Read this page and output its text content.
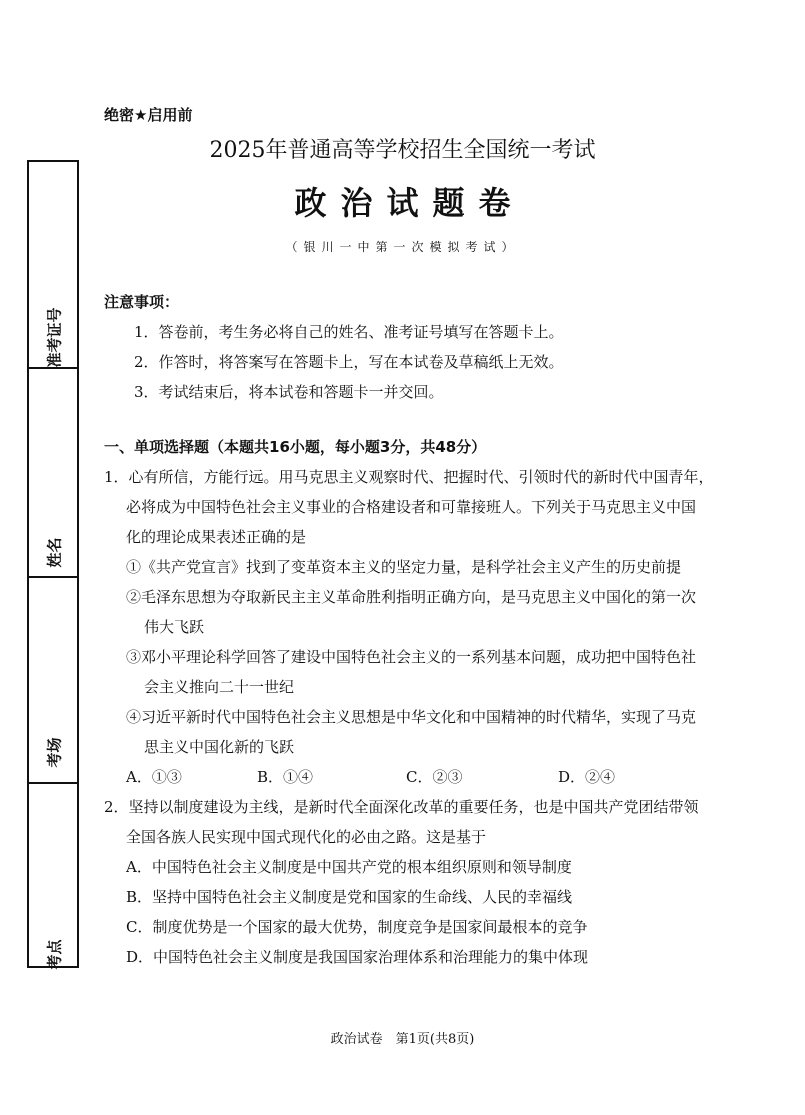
准考证号
姓名
考场
考点
绝密★启用前
2025年普通高等学校招生全国统一考试
政治试题卷
（银川一中第一次模拟考试）
注意事项：
1．答卷前，考生务必将自己的姓名、准考证号填写在答题卡上。
2．作答时，将答案写在答题卡上，写在本试卷及草稿纸上无效。
3．考试结束后，将本试卷和答题卡一并交回。
一、单项选择题（本题共16小题，每小题3分，共48分）
1．心有所信，方能行远。用马克思主义观察时代、把握时代、引领时代的新时代中国青年，
必将成为中国特色社会主义事业的合格建设者和可靠接班人。下列关于马克思主义中国
化的理论成果表述正确的是
①《共产党宣言》找到了变革资本主义的坚定力量，是科学社会主义产生的历史前提
②毛泽东思想为夺取新民主主义革命胜利指明正确方向，是马克思主义中国化的第一次
伟大飞跃
③邓小平理论科学回答了建设中国特色社会主义的一系列基本问题，成功把中国特色社
会主义推向二十一世纪
④习近平新时代中国特色社会主义思想是中华文化和中国精神的时代精华，实现了马克
思主义中国化新的飞跃
A．①③	B．①④	C．②③	D．②④
2．坚持以制度建设为主线，是新时代全面深化改革的重要任务，也是中国共产党团结带领
全国各族人民实现中国式现代化的必由之路。这是基于
A．中国特色社会主义制度是中国共产党的根本组织原则和领导制度
B．坚持中国特色社会主义制度是党和国家的生命线、人民的幸福线
C．制度优势是一个国家的最大优势，制度竞争是国家间最根本的竞争
D．中国特色社会主义制度是我国国家治理体系和治理能力的集中体现
政治试卷　第1页(共8页)
